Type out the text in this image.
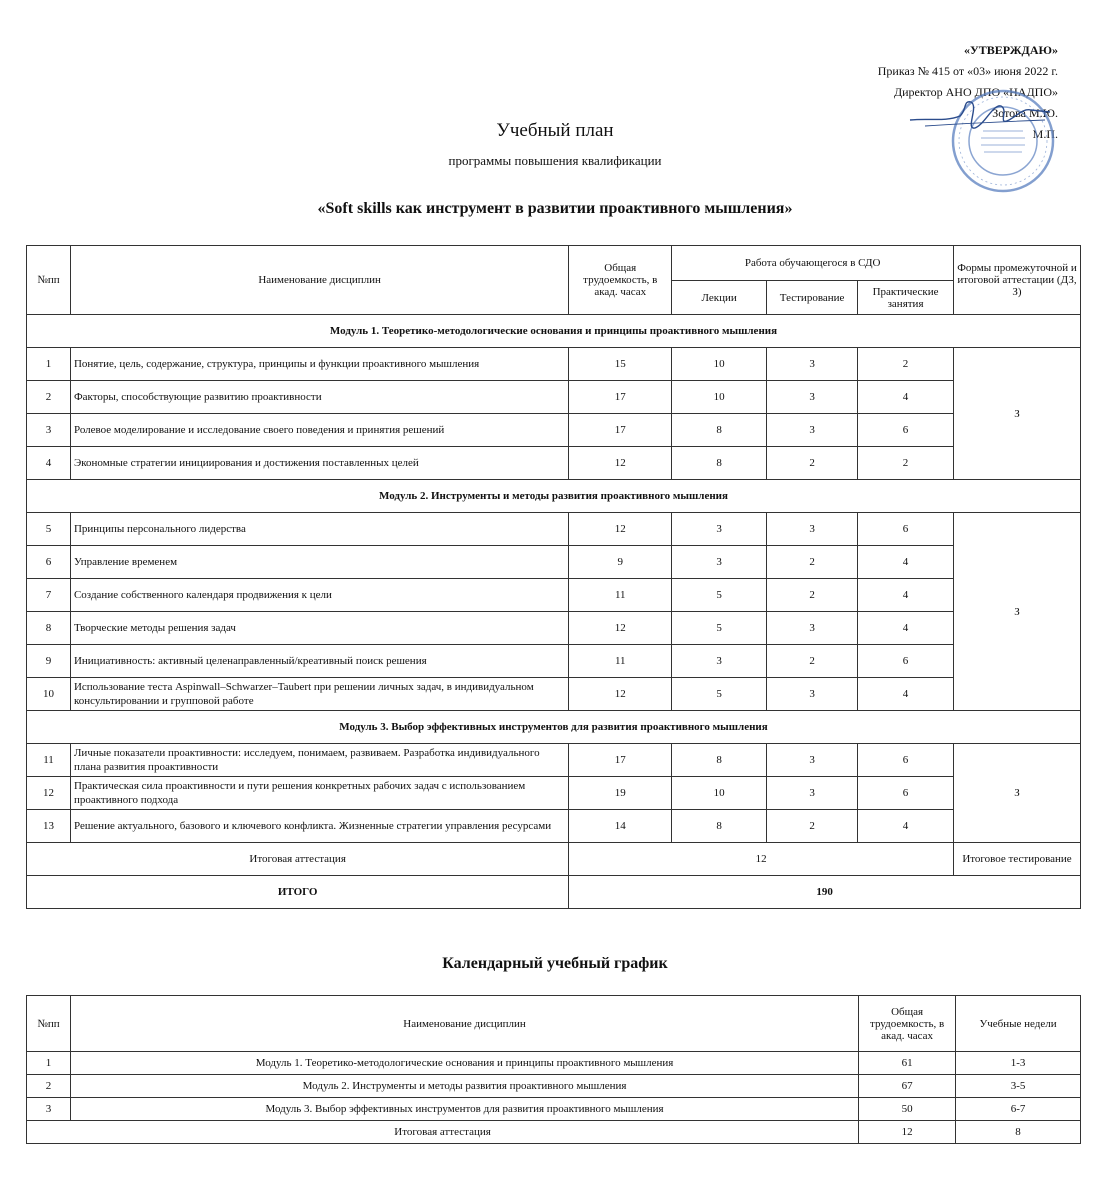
«УТВЕРЖДАЮ»
Приказ № 415 от «03» июня 2022 г.
Директор АНО ДПО «НАДПО»
Зотова М.Ю.
М.П.
Учебный план
программы повышения квалификации
«Soft skills как инструмент в развитии проактивного мышления»
№пп	Наименование дисциплин	Общая трудоемкость, в акад. часах	Работа обучающегося в СДО			Формы промежуточной и итоговой аттестации (ДЗ, З)
			Лекции	Тестирование	Практические занятия	
Модуль 1. Теоретико-методологические основания и принципы проактивного мышления						
1	Понятие, цель, содержание, структура, принципы и функции проактивного мышления	15	10	3	2	З
2	Факторы, способствующие развитию проактивности	17	10	3	4	
3	Ролевое моделирование и исследование своего поведения и принятия решений	17	8	3	6	
4	Экономные стратегии инициирования и достижения поставленных целей	12	8	2	2	
Модуль 2. Инструменты и методы развития проактивного мышления						
5	Принципы персонального лидерства	12	3	3	6	З
6	Управление временем	9	3	2	4	
7	Создание собственного календаря продвижения к цели	11	5	2	4	
8	Творческие методы решения задач	12	5	3	4	
9	Инициативность: активный целенаправленный/креативный поиск решения	11	3	2	6	
10	Использование теста Aspinwall–Schwarzer–Taubert при решении личных задач, в индивидуальном консультировании и групповой работе	12	5	3	4	
Модуль 3. Выбор эффективных инструментов для развития проактивного мышления						
11	Личные показатели проактивности: исследуем, понимаем, развиваем. Разработка индивидуального плана развития проактивности	17	8	3	6	З
12	Практическая сила проактивности и пути решения конкретных рабочих задач с использованием проактивного подхода	19	10	3	6	
13	Решение актуального, базового и ключевого конфликта. Жизненные стратегии управления ресурсами	14	8	2	4	
Итоговая аттестация		12				Итоговое тестирование
ИТОГО		190				
Календарный учебный график
№пп	Наименование дисциплин	Общая трудоемкость, в акад. часах	Учебные недели
1	Модуль 1. Теоретико-методологические основания и принципы проактивного мышления	61	1-3
2	Модуль 2. Инструменты и методы развития проактивного мышления	67	3-5
3	Модуль 3. Выбор эффективных инструментов для развития проактивного мышления	50	6-7
Итоговая аттестация		12	8
